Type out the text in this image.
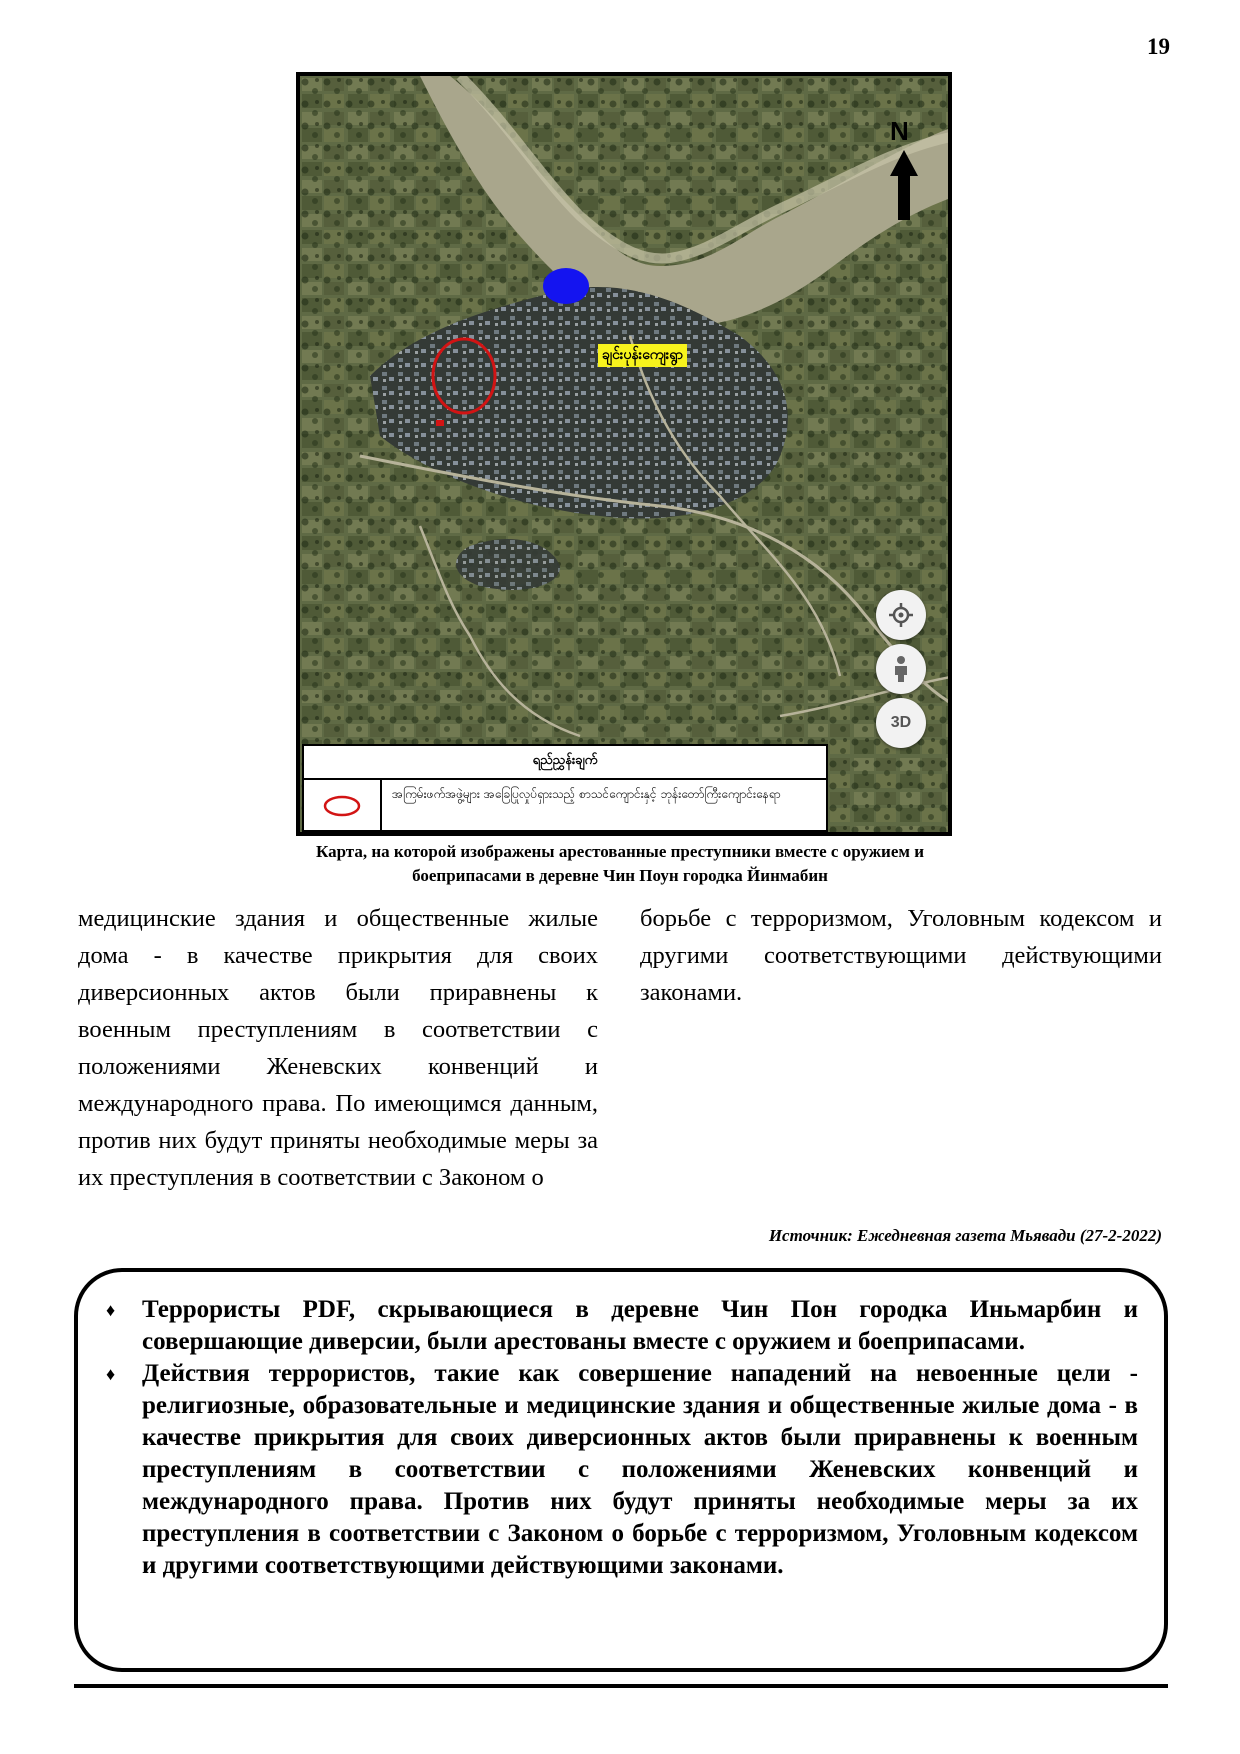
19
N
ချင်းပုန်းကျေးရွာ
3D
ရည်ညွှန်းချက်
အကြမ်းဖက်အဖွဲ့များ အခြေပြုလှုပ်ရှားသည့် စာသင်ကျောင်းနှင့် ဘုန်းတော်ကြီးကျောင်းနေရာ
Карта, на которой изображены арестованные преступники вместе с оружием и боеприпасами в деревне Чин Поун городка Йинмабин

медицинские здания и общественные жилые дома - в качестве прикрытия для своих диверсионных актов были приравнены к военным преступлениям в соответствии с положениями Женевских конвенций и международного права. По имеющимся данным, против них будут приняты необходимые меры за их преступления в соответствии с Законом о

борьбе с терроризмом, Уголовным кодексом и другими соответствующими действующими законами.

Источник: Ежедневная газета Мьявади (27-2-2022)
♦ Террористы PDF, скрывающиеся в деревне Чин Пон городка Иньмарбин и совершающие диверсии, были арестованы вместе с оружием и боеприпасами.
♦ Действия террористов, такие как совершение нападений на невоенные цели - религиозные, образовательные и медицинские здания и общественные жилые дома - в качестве прикрытия для своих диверсионных актов были приравнены к военным преступлениям в соответствии с положениями Женевских конвенций и международного права. Против них будут приняты необходимые меры за их преступления в соответствии с Законом о борьбе с терроризмом, Уголовным кодексом и другими соответствующими действующими законами.
